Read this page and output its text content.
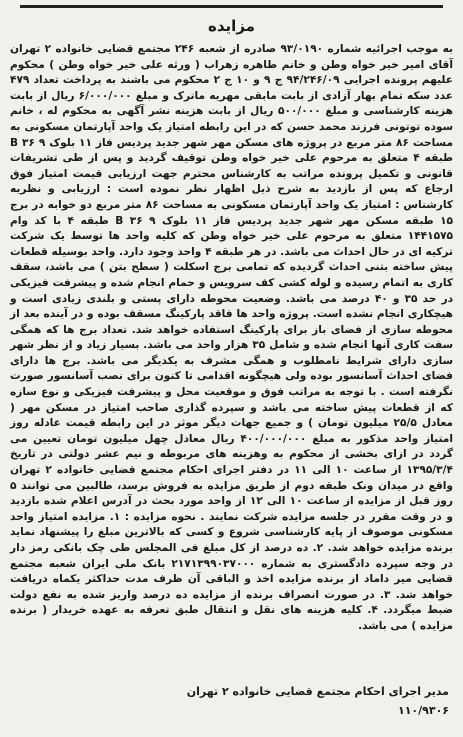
مزایده

به موجب اجرائیه شماره ۹۳/۰۱۹۰ صادره از شعبه ۲۴۶ مجتمع قضایی خانواده ۲ تهران آقای امیر خیر خواه وطن و خانم طاهره زهراب ( ورثه علی خیر خواه وطن ) محکوم علیهم پرونده اجرایی ۹۴/۲۴۶/۰۹ ج ۹ و ۱۰ ج ۲ محکوم می باشند به پرداخت تعداد ۴۷۹ عدد سکه تمام بهار آزادی از بابت مابقی مهریه ماترک و مبلغ ۶/۰۰۰/۰۰۰ ریال از بابت هزینه کارشناسی و مبلغ ۵۰۰/۰۰۰ ریال از بابت هزینه نشر آگهی به محکوم له ، خانم سوده توتونی فرزند محمد حسن که در این رابطه امتیاز یک واحد آپارتمان مسکونی به مساحت ۸۶ متر مربع در پروژه های مسکن مهر شهر جدید پردیس فاز ۱۱ بلوک B ۳۶ ۹ طبقه ۴ متعلق به مرحوم علی خیر خواه وطن توقیف گردید و پس از طی تشریفات قانونی و تکمیل پرونده مراتب به کارشناس محترم جهت ارزیابی قیمت امتیاز فوق ارجاع که پس از بازدید به شرح ذیل اظهار نظر نموده است : ارزیابی و نظریه کارشناس : امتیاز یک واحد آپارتمان مسکونی به مساحت ۸۶ متر مربع دو خوابه در برج ۱۵ طبقه مسکن مهر شهر جدید پردیس فاز ۱۱ بلوک B ۳۶ ۹ طبقه ۴ با کد وام ۱۴۴۱۵۷۵ متعلق به مرحوم علی خیر خواه وطن که کلیه واحد ها توسط یک شرکت ترکیه ای در حال احداث می باشد. در هر طبقه ۴ واحد وجود دارد. واحد بوسیله قطعات پیش ساخته بتنی احداث گردیده که تمامی برج اسکلت ( سطح بتن ) می باشد، سقف کاری به اتمام رسیده و لوله کشی کف سرویس و حمام انجام شده و پیشرفت فیزیکی در حد ۳۵ و ۴۰ درصد می باشد. وضعیت محوطه دارای پستی و بلندی زیادی است و هیچکاری انجام نشده است. پروژه واحد ها فاقد پارکینگ مسقف بوده و در آینده بعد از محوطه سازی از فضای باز برای پارکینگ استفاده خواهد شد. تعداد برج ها که همگی سفت کاری آنها انجام شده و شامل ۳۵ هزار واحد می باشد. بسیار زیاد و از نظر شهر سازی دارای شرایط نامطلوب و همگی مشرف به یکدیگر می باشد. برج ها دارای فضای احداث آسانسور بوده ولی هیچگونه اقدامی تا کنون برای نصب آسانسور صورت نگرفته است . با توجه به مراتب فوق و موقعیت محل و پیشرفت فیزیکی و نوع سازه که از قطعات پیش ساخته می باشد و سپرده گذاری صاحب امتیاز در مسکن مهر ( معادل ۲۵/۵ میلیون تومان ) و جمیع جهات دیگر موثر در این رابطه قیمت عادله روز امتیاز واحد مذکور به مبلغ ۴۰۰/۰۰۰/۰۰۰ ریال معادل چهل میلیون تومان تعیین می گردد در ازای بخشی از محکوم به وهزینه های مربوطه و نیم عشر دولتی در تاریخ ۱۳۹۵/۳/۴ از ساعت ۱۰ الی ۱۱ در دفتر اجرای احکام مجتمع قضایی خانواده ۲ تهران واقع در میدان ونک طبقه دوم از طریق مزایده به فروش برسد، طالبین می توانند ۵ روز قبل از مزایده از ساعت ۱۰ الی ۱۲ از واحد مورد بحث در آدرس اعلام شده بازدید و در وقت مقرر در جلسه مزایده شرکت نمایند . نحوه مزایده : ۱. مزایده امتیاز واحد مسکونی موصوف از پایه کارشناسی شروع و کسی که بالاترین مبلغ را پیشنهاد نماید برنده مزایده خواهد شد. ۲. ده درصد از کل مبلغ فی المجلس طی چک بانکی رمز دار در وجه سپرده دادگستری به شماره ۲۱۷۱۳۹۹۰۳۷۰۰۰ بانک ملی ایران شعبه مجتمع قضایی میر داماد از برنده مزایده اخذ و الباقی آن ظرف مدت حداکثر یکماه دریافت خواهد شد. ۳. در صورت انصراف برنده از مزایده ده درصد واریز شده به نفع دولت ضبط میگردد. ۴. کلیه هزینه های نقل و انتقال طبق تعرفه به عهده خریدار ( برنده مزایده ) می باشد.

مدیر اجرای احکام مجتمع قضایی خانواده ۲ تهران
۱۱۰/۹۳۰۶
